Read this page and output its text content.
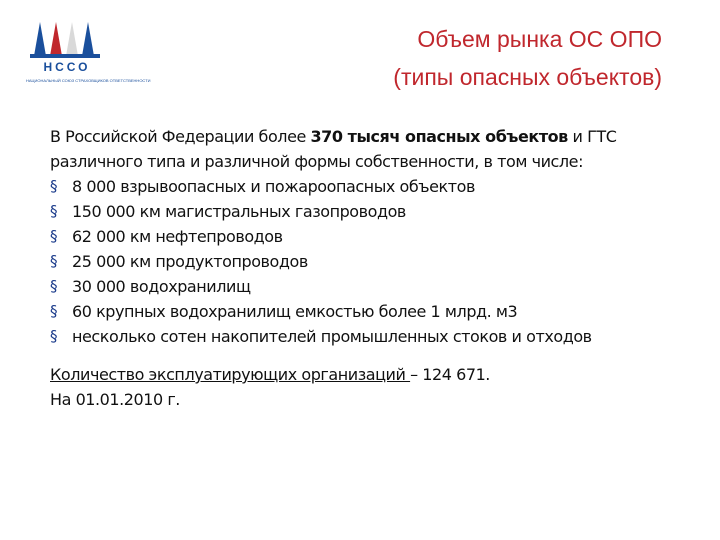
НССО
НАЦИОНАЛЬНЫЙ СОЮЗ СТРАХОВЩИКОВ ОТВЕТСТВЕННОСТИ
Объем рынка ОС ОПО
(типы опасных объектов)
В Российской Федерации более 370 тысяч опасных объектов и ГТС различного типа и различной формы собственности, в том числе:
§ 8 000 взрывоопасных и пожароопасных объектов
§ 150 000 км магистральных газопроводов
§ 62 000 км нефтепроводов
§ 25 000 км продуктопроводов
§ 30 000 водохранилищ
§ 60 крупных водохранилищ емкостью более 1 млрд. м3
§ несколько сотен накопителей промышленных стоков и отходов
Количество эксплуатирующих организаций – 124 671.
На 01.01.2010 г.
